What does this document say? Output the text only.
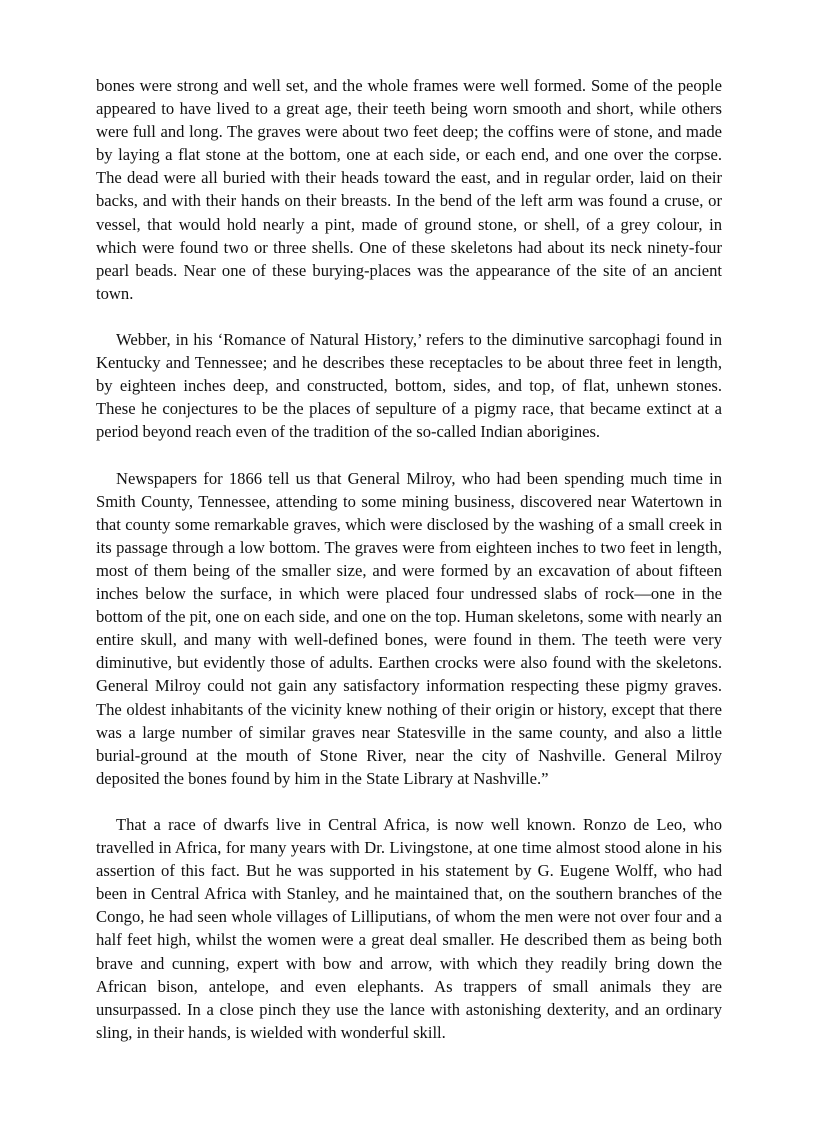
bones were strong and well set, and the whole frames were well formed. Some of the people appeared to have lived to a great age, their teeth being worn smooth and short, while others were full and long. The graves were about two feet deep; the coffins were of stone, and made by laying a flat stone at the bottom, one at each side, or each end, and one over the corpse. The dead were all buried with their heads toward the east, and in regular order, laid on their backs, and with their hands on their breasts. In the bend of the left arm was found a cruse, or vessel, that would hold nearly a pint, made of ground stone, or shell, of a grey colour, in which were found two or three shells. One of these skeletons had about its neck ninety-four pearl beads. Near one of these burying-places was the appearance of the site of an ancient town.

Webber, in his ‘Romance of Natural History,’ refers to the diminutive sarcophagi found in Kentucky and Tennessee; and he describes these receptacles to be about three feet in length, by eighteen inches deep, and constructed, bottom, sides, and top, of flat, unhewn stones. These he conjectures to be the places of sepulture of a pigmy race, that became extinct at a period beyond reach even of the tradition of the so-called Indian aborigines.

Newspapers for 1866 tell us that General Milroy, who had been spending much time in Smith County, Tennessee, attending to some mining business, discovered near Watertown in that county some remarkable graves, which were disclosed by the washing of a small creek in its passage through a low bottom. The graves were from eighteen inches to two feet in length, most of them being of the smaller size, and were formed by an excavation of about fifteen inches below the surface, in which were placed four undressed slabs of rock—one in the bottom of the pit, one on each side, and one on the top. Human skeletons, some with nearly an entire skull, and many with well-defined bones, were found in them. The teeth were very diminutive, but evidently those of adults. Earthen crocks were also found with the skeletons. General Milroy could not gain any satisfactory information respecting these pigmy graves. The oldest inhabitants of the vicinity knew nothing of their origin or history, except that there was a large number of similar graves near Statesville in the same county, and also a little burial-ground at the mouth of Stone River, near the city of Nashville. General Milroy deposited the bones found by him in the State Library at Nashville.”

That a race of dwarfs live in Central Africa, is now well known. Ronzo de Leo, who travelled in Africa, for many years with Dr. Livingstone, at one time almost stood alone in his assertion of this fact. But he was supported in his statement by G. Eugene Wolff, who had been in Central Africa with Stanley, and he maintained that, on the southern branches of the Congo, he had seen whole villages of Lilliputians, of whom the men were not over four and a half feet high, whilst the women were a great deal smaller. He described them as being both brave and cunning, expert with bow and arrow, with which they readily bring down the African bison, antelope, and even elephants. As trappers of small animals they are unsurpassed. In a close pinch they use the lance with astonishing dexterity, and an ordinary sling, in their hands, is wielded with wonderful skill.
